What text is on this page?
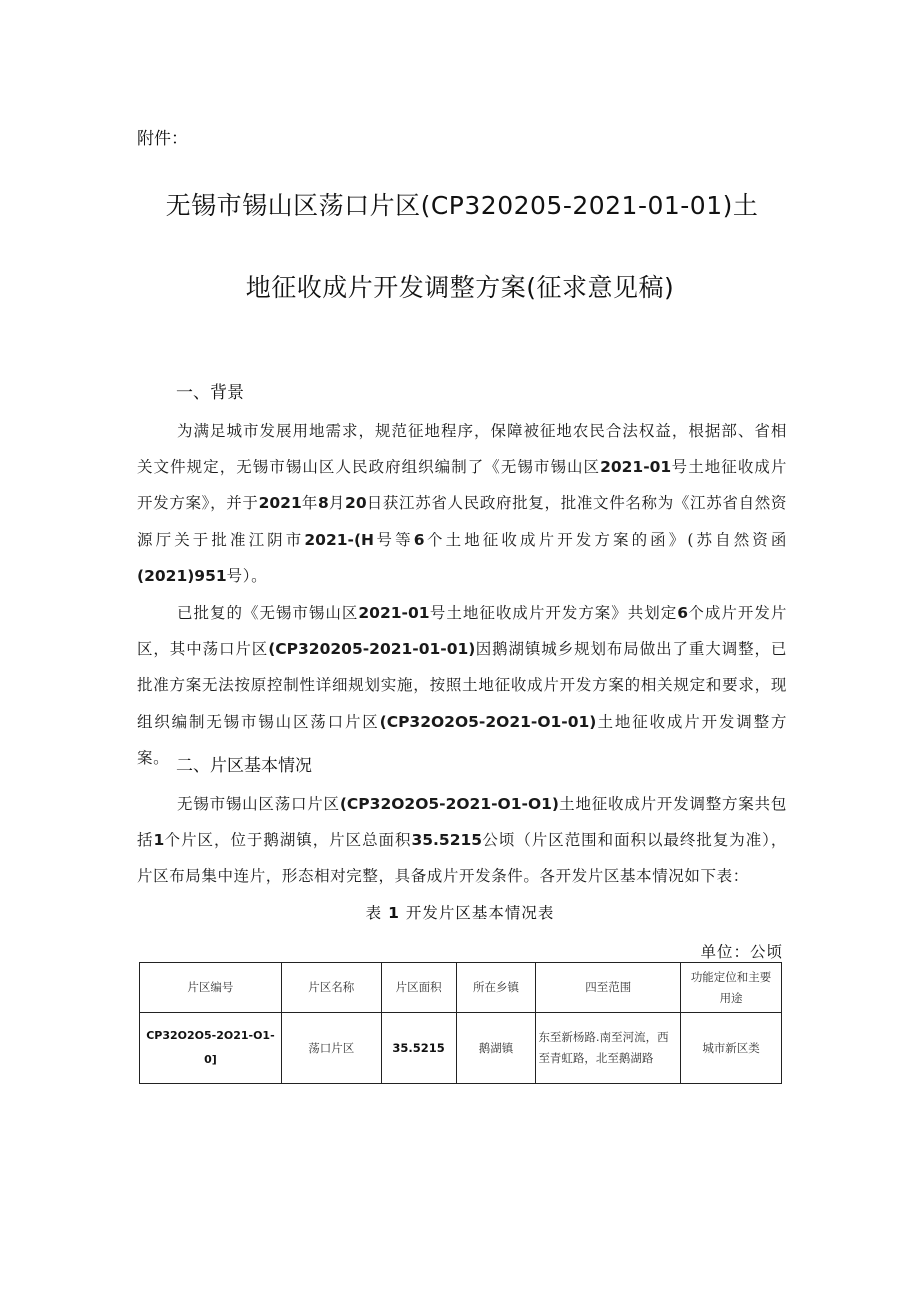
附件：
无锡市锡山区荡口片区(CP320205-2021-01-01)土
地征收成片开发调整方案(征求意见稿)
一、背景

为满足城市发展用地需求，规范征地程序，保障被征地农民合法权益，根据部、省相关文件规定，无锡市锡山区人民政府组织编制了《无锡市锡山区2021-01号土地征收成片开发方案》，并于2021年8月20日获江苏省人民政府批复，批准文件名称为《江苏省自然资源厅关于批准江阴市2021-(H号等6个土地征收成片开发方案的函》(苏自然资函(2021)951号）。

已批复的《无锡市锡山区2021-01号土地征收成片开发方案》共划定6个成片开发片区，其中荡口片区(CP320205-2021-01-01)因鹅湖镇城乡规划布局做出了重大调整，已批准方案无法按原控制性详细规划实施，按照土地征收成片开发方案的相关规定和要求，现组织编制无锡市锡山区荡口片区(CP32O2O5-2O21-O1-01)土地征收成片开发调整方案。 二、片区基本情况

无锡市锡山区荡口片区(CP32O2O5-2O21-O1-O1)土地征收成片开发调整方案共包括1个片区，位于鹅湖镇，片区总面积35.5215公顷（片区范围和面积以最终批复为准），片区布局集中连片，形态相对完整，具备成片开发条件。各开发片区基本情况如下表：

表 1 开发片区基本情况表
单位：公顷
片区编号	片区名称	片区面积	所在乡镇	四至范围	功能定位和主要用途
CP32O2O5-2O21-O1-0]	荡口片区	35.5215	鹅湖镇	东至新杨路.南至河流，西至青虹路，北至鹅湖路	城市新区类
